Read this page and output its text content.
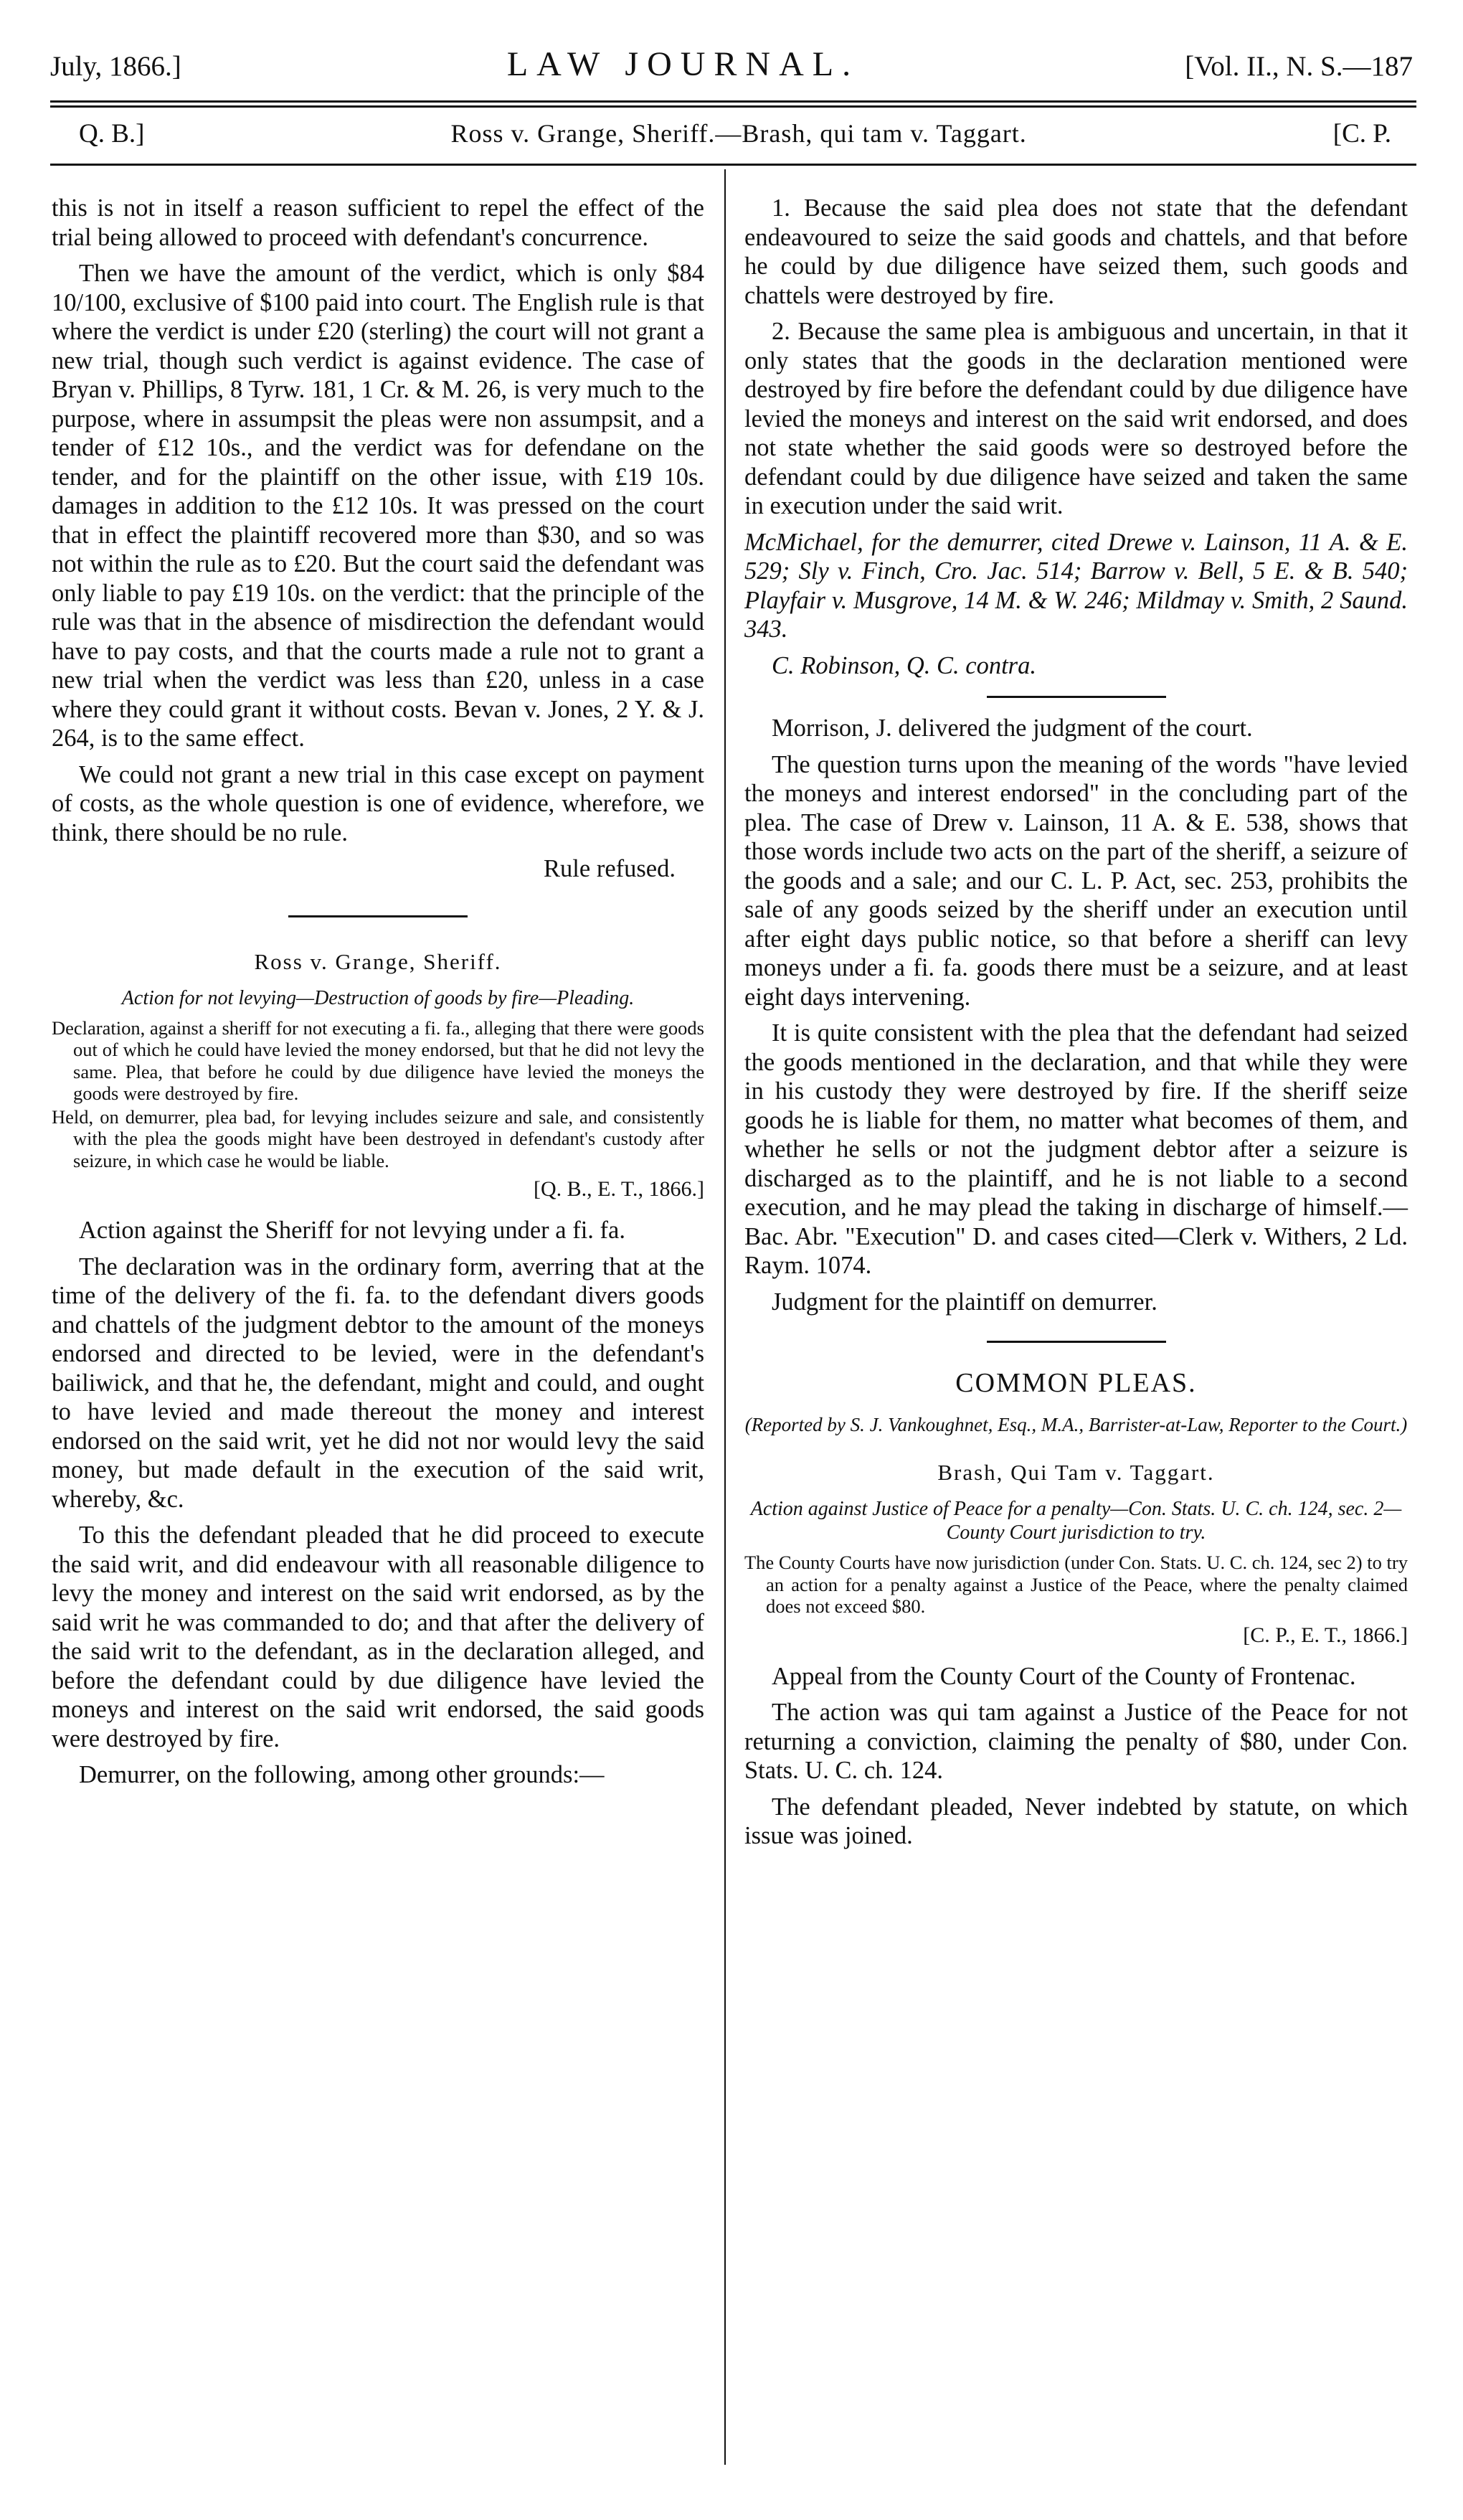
July, 1866.]	LAW JOURNAL.	[Vol. II., N. S.—187
Q. B.]	Ross v. Grange, Sheriff.—Brash, qui tam v. Taggart.	[C. P.

this is not in itself a reason sufficient to repel the effect of the trial being allowed to proceed with defendant's concurrence.

Then we have the amount of the verdict, which is only $84 10/100, exclusive of $100 paid into court. The English rule is that where the verdict is under £20 (sterling) the court will not grant a new trial, though such verdict is against evidence. The case of Bryan v. Phillips, 8 Tyrw. 181, 1 Cr. & M. 26, is very much to the purpose, where in assumpsit the pleas were non assumpsit, and a tender of £12 10s., and the verdict was for defendane on the tender, and for the plaintiff on the other issue, with £19 10s. damages in addition to the £12 10s. It was pressed on the court that in effect the plaintiff recovered more than $30, and so was not within the rule as to £20. But the court said the defendant was only liable to pay £19 10s. on the verdict: that the principle of the rule was that in the absence of misdirection the defendant would have to pay costs, and that the courts made a rule not to grant a new trial when the verdict was less than £20, unless in a case where they could grant it without costs. Bevan v. Jones, 2 Y. & J. 264, is to the same effect.

We could not grant a new trial in this case except on payment of costs, as the whole question is one of evidence, wherefore, we think, there should be no rule.

Rule refused.

Ross v. Grange, Sheriff.
Action for not levying—Destruction of goods by fire—Pleading.

Declaration, against a sheriff for not executing a fi. fa., alleging that there were goods out of which he could have levied the money endorsed, but that he did not levy the same. Plea, that before he could by due diligence have levied the moneys the goods were destroyed by fire.

Held, on demurrer, plea bad, for levying includes seizure and sale, and consistently with the plea the goods might have been destroyed in defendant's custody after seizure, in which case he would be liable.

[Q. B., E. T., 1866.]

Action against the Sheriff for not levying under a fi. fa.

The declaration was in the ordinary form, averring that at the time of the delivery of the fi. fa. to the defendant divers goods and chattels of the judgment debtor to the amount of the moneys endorsed and directed to be levied, were in the defendant's bailiwick, and that he, the defendant, might and could, and ought to have levied and made thereout the money and interest endorsed on the said writ, yet he did not nor would levy the said money, but made default in the execution of the said writ, whereby, &c.

To this the defendant pleaded that he did proceed to execute the said writ, and did endeavour with all reasonable diligence to levy the money and interest on the said writ endorsed, as by the said writ he was commanded to do; and that after the delivery of the said writ to the defendant, as in the declaration alleged, and before the defendant could by due diligence have levied the moneys and interest on the said writ endorsed, the said goods were destroyed by fire.

Demurrer, on the following, among other grounds:—

1. Because the said plea does not state that the defendant endeavoured to seize the said goods and chattels, and that before he could by due diligence have seized them, such goods and chattels were destroyed by fire.

2. Because the same plea is ambiguous and uncertain, in that it only states that the goods in the declaration mentioned were destroyed by fire before the defendant could by due diligence have levied the moneys and interest on the said writ endorsed, and does not state whether the said goods were so destroyed before the defendant could by due diligence have seized and taken the same in execution under the said writ.

McMichael, for the demurrer, cited Drewe v. Lainson, 11 A. & E. 529; Sly v. Finch, Cro. Jac. 514; Barrow v. Bell, 5 E. & B. 540; Playfair v. Musgrove, 14 M. & W. 246; Mildmay v. Smith, 2 Saund. 343.

C. Robinson, Q. C. contra.

Morrison, J. delivered the judgment of the court.

The question turns upon the meaning of the words "have levied the moneys and interest endorsed" in the concluding part of the plea. The case of Drew v. Lainson, 11 A. & E. 538, shows that those words include two acts on the part of the sheriff, a seizure of the goods and a sale; and our C. L. P. Act, sec. 253, prohibits the sale of any goods seized by the sheriff under an execution until after eight days public notice, so that before a sheriff can levy moneys under a fi. fa. goods there must be a seizure, and at least eight days intervening.

It is quite consistent with the plea that the defendant had seized the goods mentioned in the declaration, and that while they were in his custody they were destroyed by fire. If the sheriff seize goods he is liable for them, no matter what becomes of them, and whether he sells or not the judgment debtor after a seizure is discharged as to the plaintiff, and he is not liable to a second execution, and he may plead the taking in discharge of himself.—Bac. Abr. "Execution" D. and cases cited—Clerk v. Withers, 2 Ld. Raym. 1074.

Judgment for the plaintiff on demurrer.

COMMON PLEAS.
(Reported by S. J. Vankoughnet, Esq., M.A., Barrister-at-Law, Reporter to the Court.)
Brash, Qui Tam v. Taggart.
Action against Justice of Peace for a penalty—Con. Stats. U. C. ch. 124, sec. 2—County Court jurisdiction to try.

The County Courts have now jurisdiction (under Con. Stats. U. C. ch. 124, sec 2) to try an action for a penalty against a Justice of the Peace, where the penalty claimed does not exceed $80.

[C. P., E. T., 1866.]

Appeal from the County Court of the County of Frontenac.

The action was qui tam against a Justice of the Peace for not returning a conviction, claiming the penalty of $80, under Con. Stats. U. C. ch. 124.

The defendant pleaded, Never indebted by statute, on which issue was joined.
